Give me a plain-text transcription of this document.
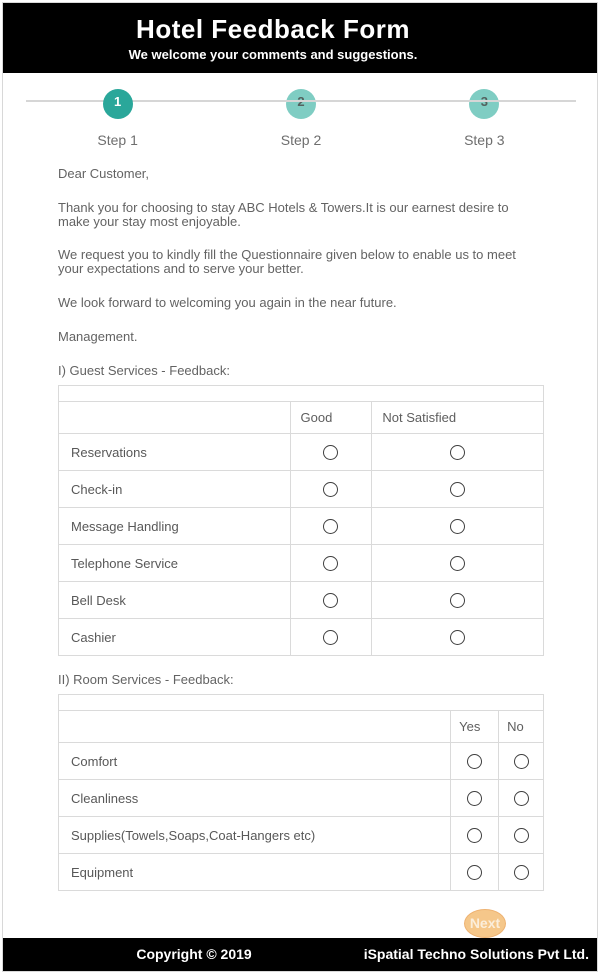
Hotel Feedback Form
We welcome your comments and suggestions.
1
Step 1	Step 2	Step 3

Dear Customer,

Thank you for choosing to stay ABC Hotels & Towers.It is our earnest desire to make your stay most enjoyable.

We request you to kindly fill the Questionnaire given below to enable us to meet your expectations and to serve your better.

We look forward to welcoming you again in the near future.

Management.

I) Guest Services - Feedback:

	Good	Not Satisfied
Reservations		
Check-in		
Message Handling		
Telephone Service		
Bell Desk		
Cashier		
II) Room Services - Feedback:

	Yes	No
Comfort		
Cleanliness		
Supplies(Towels,Soaps,Coat-Hangers etc)		
Equipment		
Next
Copyright © 2019	iSpatial Techno Solutions Pvt Ltd.
